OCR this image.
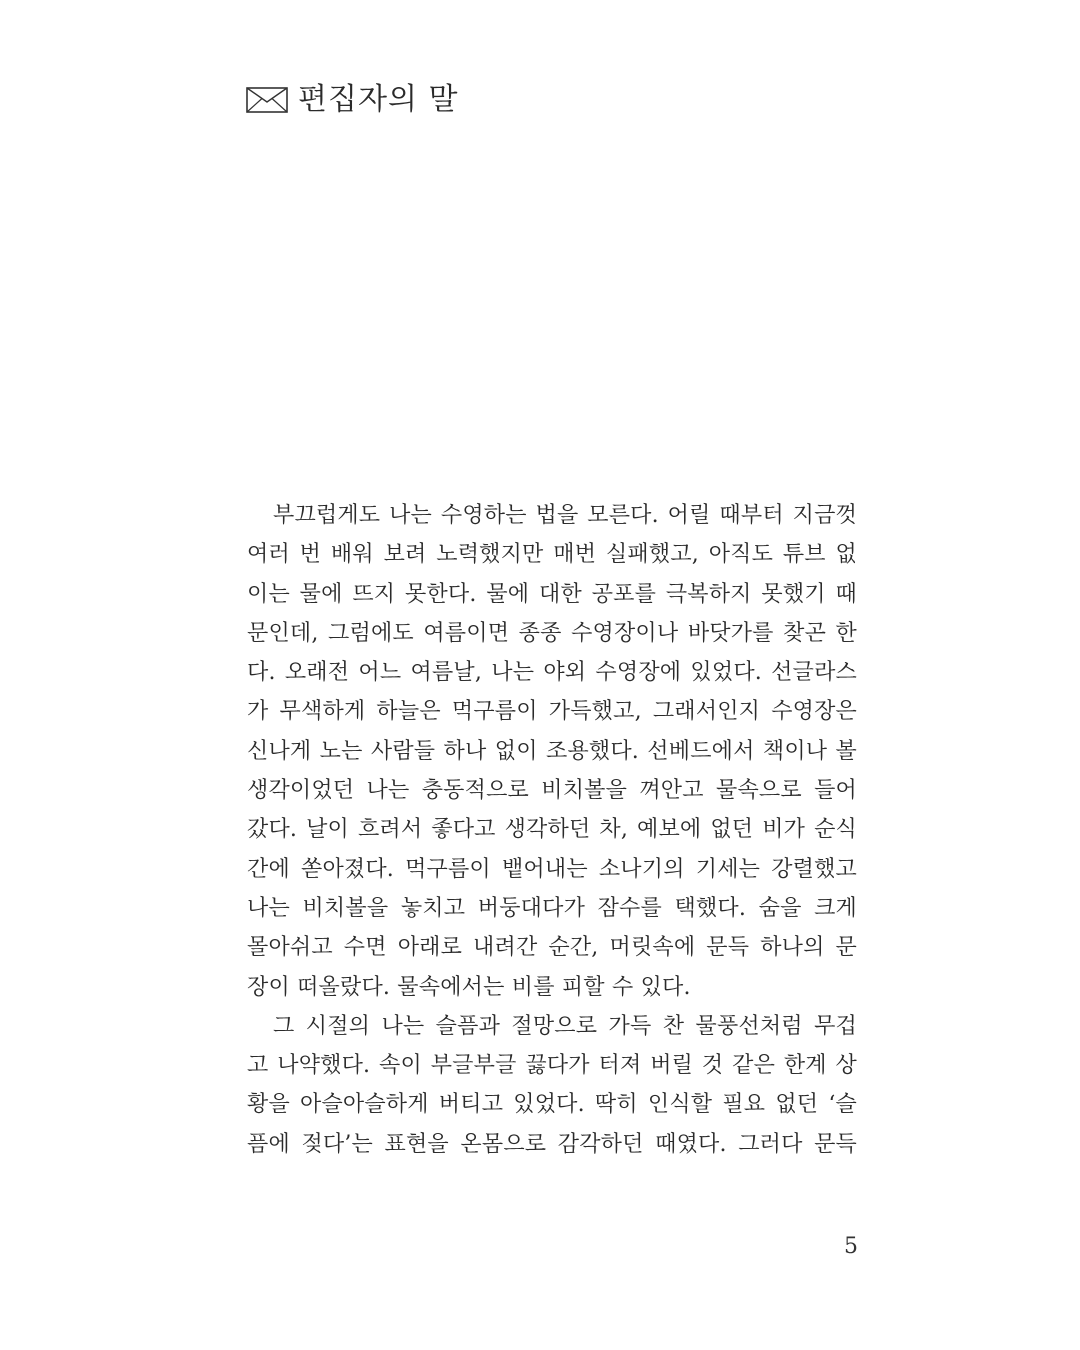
편집자의 말

부끄럽게도 나는 수영하는 법을 모른다. 어릴 때부터 지금껏
여러 번 배워 보려 노력했지만 매번 실패했고, 아직도 튜브 없
이는 물에 뜨지 못한다. 물에 대한 공포를 극복하지 못했기 때
문인데, 그럼에도 여름이면 종종 수영장이나 바닷가를 찾곤 한
다. 오래전 어느 여름날, 나는 야외 수영장에 있었다. 선글라스
가 무색하게 하늘은 먹구름이 가득했고, 그래서인지 수영장은
신나게 노는 사람들 하나 없이 조용했다. 선베드에서 책이나 볼
생각이었던 나는 충동적으로 비치볼을 껴안고 물속으로 들어
갔다. 날이 흐려서 좋다고 생각하던 차, 예보에 없던 비가 순식
간에 쏟아졌다. 먹구름이 뱉어내는 소나기의 기세는 강렬했고
나는 비치볼을 놓치고 버둥대다가 잠수를 택했다. 숨을 크게
몰아쉬고 수면 아래로 내려간 순간, 머릿속에 문득 하나의 문
장이 떠올랐다. 물속에서는 비를 피할 수 있다.

그 시절의 나는 슬픔과 절망으로 가득 찬 물풍선처럼 무겁
고 나약했다. 속이 부글부글 끓다가 터져 버릴 것 같은 한계 상
황을 아슬아슬하게 버티고 있었다. 딱히 인식할 필요 없던 ‘슬
픔에 젖다’는 표현을 온몸으로 감각하던 때였다. 그러다 문득

5
